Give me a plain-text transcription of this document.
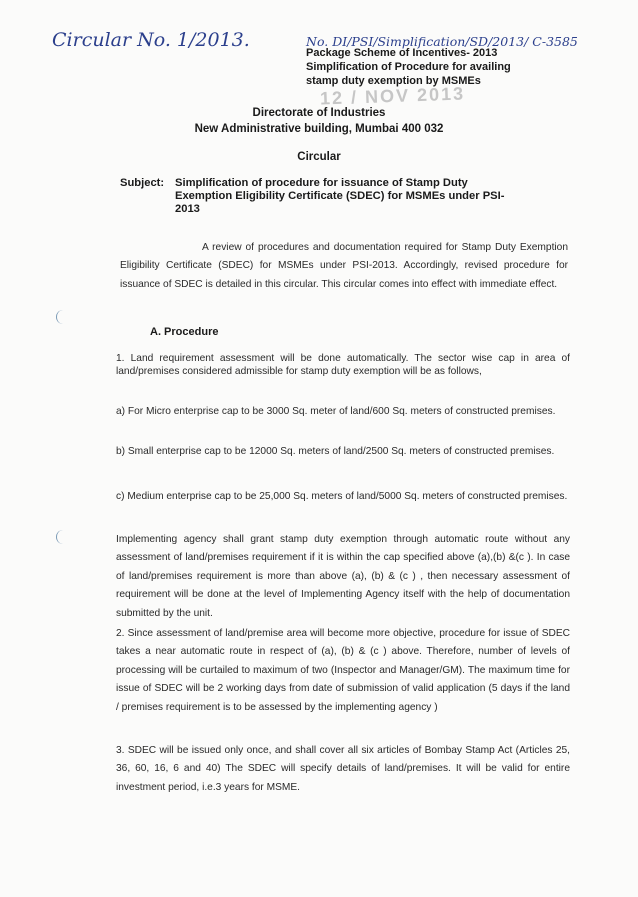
Circular No. 1/2013.	No. DI/PSI/Simplification/SD/2013/ C-3585
Package Scheme of Incentives- 2013
Simplification of Procedure for availing
stamp duty exemption by MSMEs
12 / NOV 2013
Directorate of Industries
New Administrative building, Mumbai 400 032
Circular
Subject: Simplification of procedure for issuance of Stamp Duty Exemption Eligibility Certificate (SDEC) for MSMEs under PSI-2013

A review of procedures and documentation required for Stamp Duty Exemption Eligibility Certificate (SDEC) for MSMEs under PSI-2013. Accordingly, revised procedure for issuance of SDEC is detailed in this circular. This circular comes into effect with immediate effect.

A. Procedure

1. Land requirement assessment will be done automatically. The sector wise cap in area of land/premises considered admissible for stamp duty exemption will be as follows,

a) For Micro enterprise cap to be 3000 Sq. meter of land/600 Sq. meters of constructed premises.

b) Small enterprise cap to be 12000 Sq. meters of land/2500 Sq. meters of constructed premises.

c) Medium enterprise cap to be 25,000 Sq. meters of land/5000 Sq. meters of constructed premises.

Implementing agency shall grant stamp duty exemption through automatic route without any assessment of land/premises requirement if it is within the cap specified above (a),(b) &(c ). In case of land/premises requirement is more than above (a), (b) & (c ) , then necessary assessment of requirement will be done at the level of Implementing Agency itself with the help of documentation submitted by the unit.

2. Since assessment of land/premise area will become more objective, procedure for issue of SDEC takes a near automatic route in respect of (a), (b) & (c ) above. Therefore, number of levels of processing will be curtailed to maximum of two (Inspector and Manager/GM). The maximum time for issue of SDEC will be 2 working days from date of submission of valid application (5 days if the land / premises requirement is to be assessed by the implementing agency )

3. SDEC will be issued only once, and shall cover all six articles of Bombay Stamp Act (Articles 25, 36, 60, 16, 6 and 40) The SDEC will specify details of land/premises. It will be valid for entire investment period, i.e.3 years for MSME.
